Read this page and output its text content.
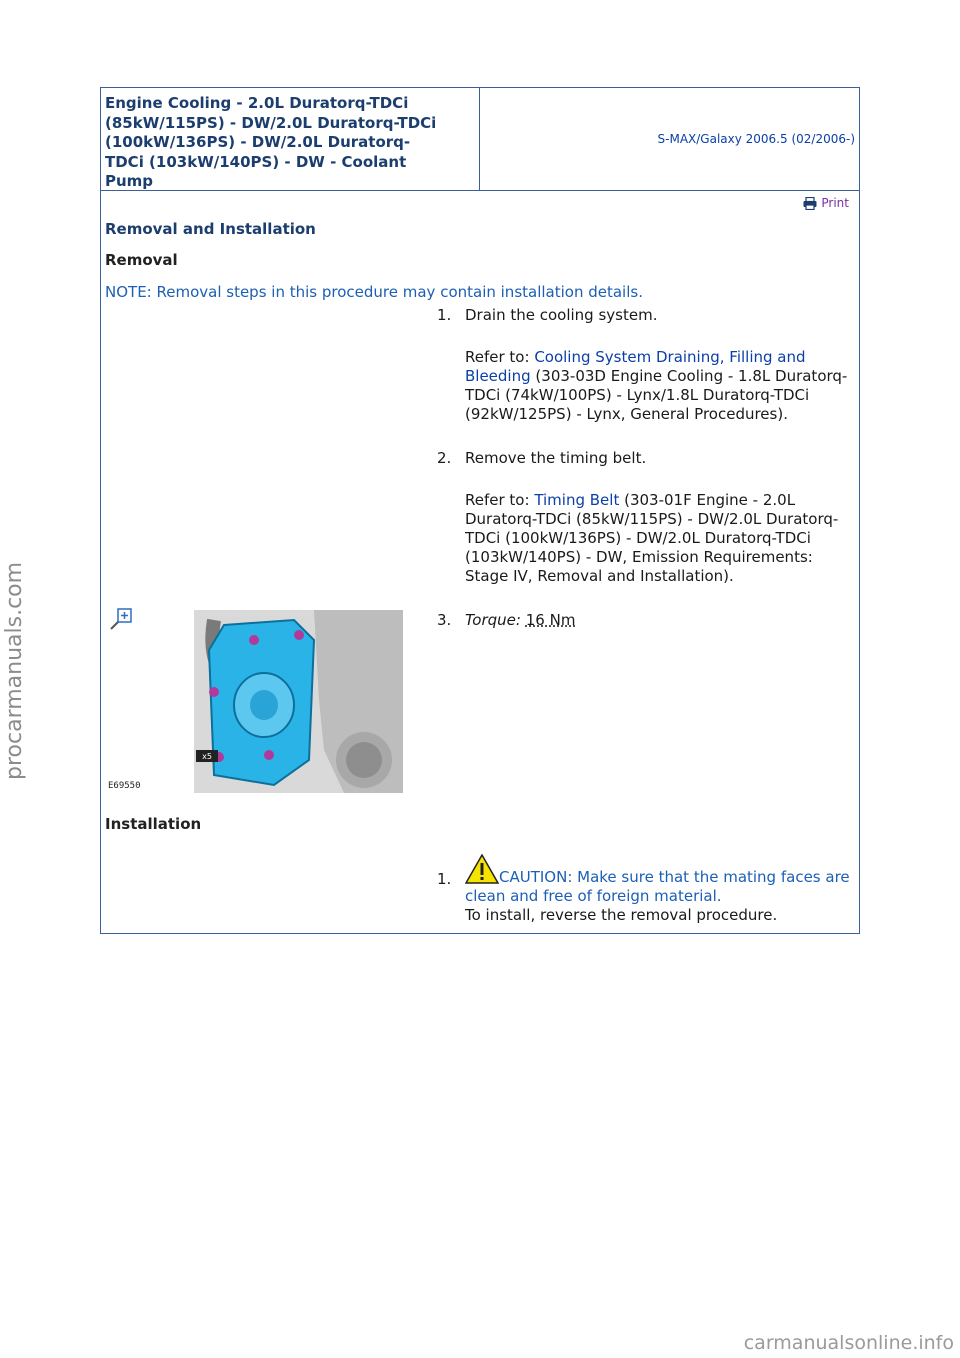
Engine Cooling - 2.0L Duratorq-TDCi
(85kW/115PS) - DW/2.0L Duratorq-TDCi
(100kW/136PS) - DW/2.0L Duratorq-
TDCi (103kW/140PS) - DW - Coolant
Pump
S-MAX/Galaxy 2006.5 (02/2006-)
Print
Removal and Installation
Removal
NOTE: Removal steps in this procedure may contain installation details.
1. Drain the cooling system.
Refer to: Cooling System Draining, Filling and Bleeding (303-03D Engine Cooling - 1.8L Duratorq-TDCi (74kW/100PS) - Lynx/1.8L Duratorq-TDCi (92kW/125PS) - Lynx, General Procedures).
2. Remove the timing belt.
Refer to: Timing Belt (303-01F Engine - 2.0L Duratorq-TDCi (85kW/115PS) - DW/2.0L Duratorq-TDCi (100kW/136PS) - DW/2.0L Duratorq-TDCi (103kW/140PS) - DW, Emission Requirements: Stage IV, Removal and Installation).
x5
E69550
3. Torque: 16 Nm
Installation
1.	CAUTION: Make sure that the mating faces are clean and free of foreign material.
To install, reverse the removal procedure.
procarmanuals.com
carmanualsonline.info
